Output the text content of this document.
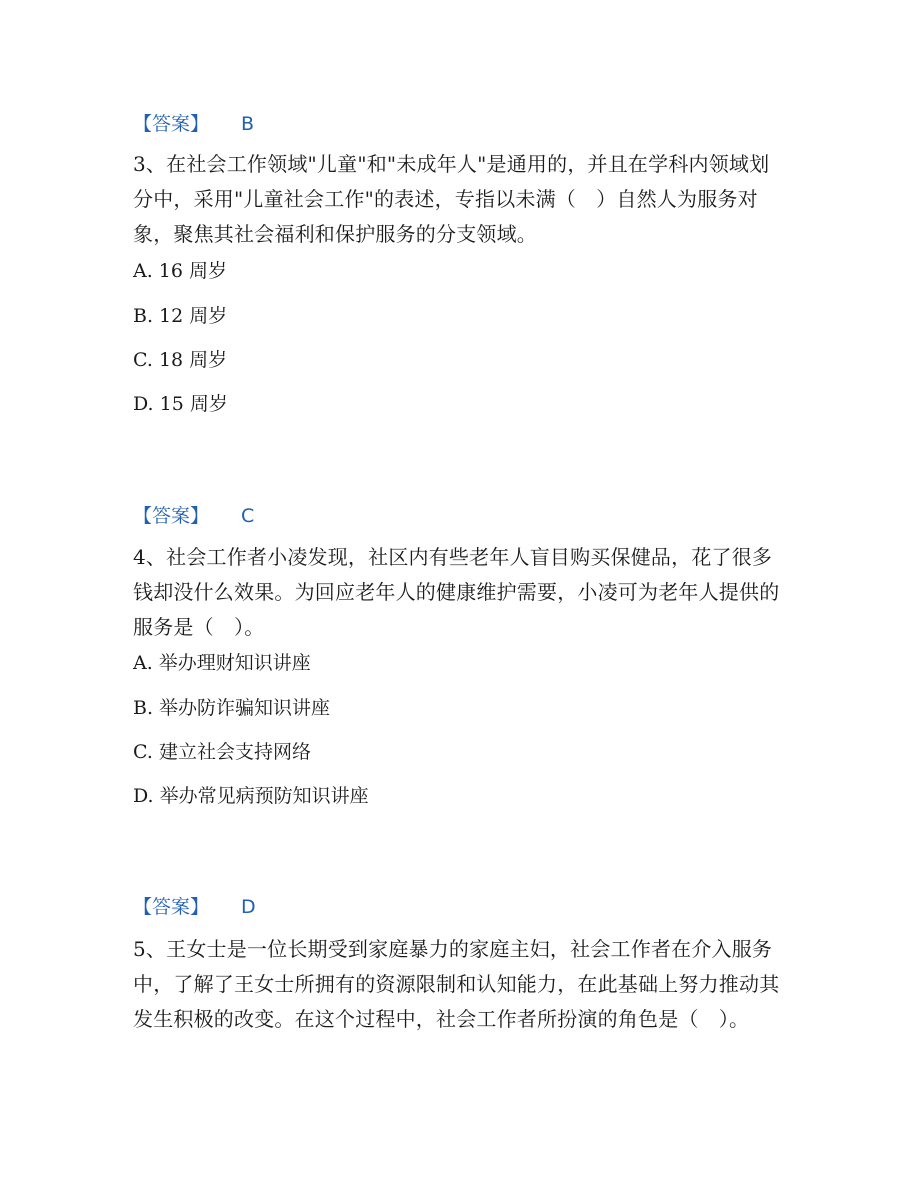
【答案】 B
3、在社会工作领域"儿童"和"未成年人"是通用的，并且在学科内领域划分中，采用"儿童社会工作"的表述，专指以未满（　）自然人为服务对象，聚焦其社会福利和保护服务的分支领域。
A. 16 周岁
B. 12 周岁
C. 18 周岁
D. 15 周岁
【答案】 C
4、社会工作者小凌发现，社区内有些老年人盲目购买保健品，花了很多钱却没什么效果。为回应老年人的健康维护需要，小凌可为老年人提供的服务是（　）。
A. 举办理财知识讲座
B. 举办防诈骗知识讲座
C. 建立社会支持网络
D. 举办常见病预防知识讲座
【答案】 D
5、王女士是一位长期受到家庭暴力的家庭主妇，社会工作者在介入服务中，了解了王女士所拥有的资源限制和认知能力，在此基础上努力推动其发生积极的改变。在这个过程中，社会工作者所扮演的角色是（　）。
